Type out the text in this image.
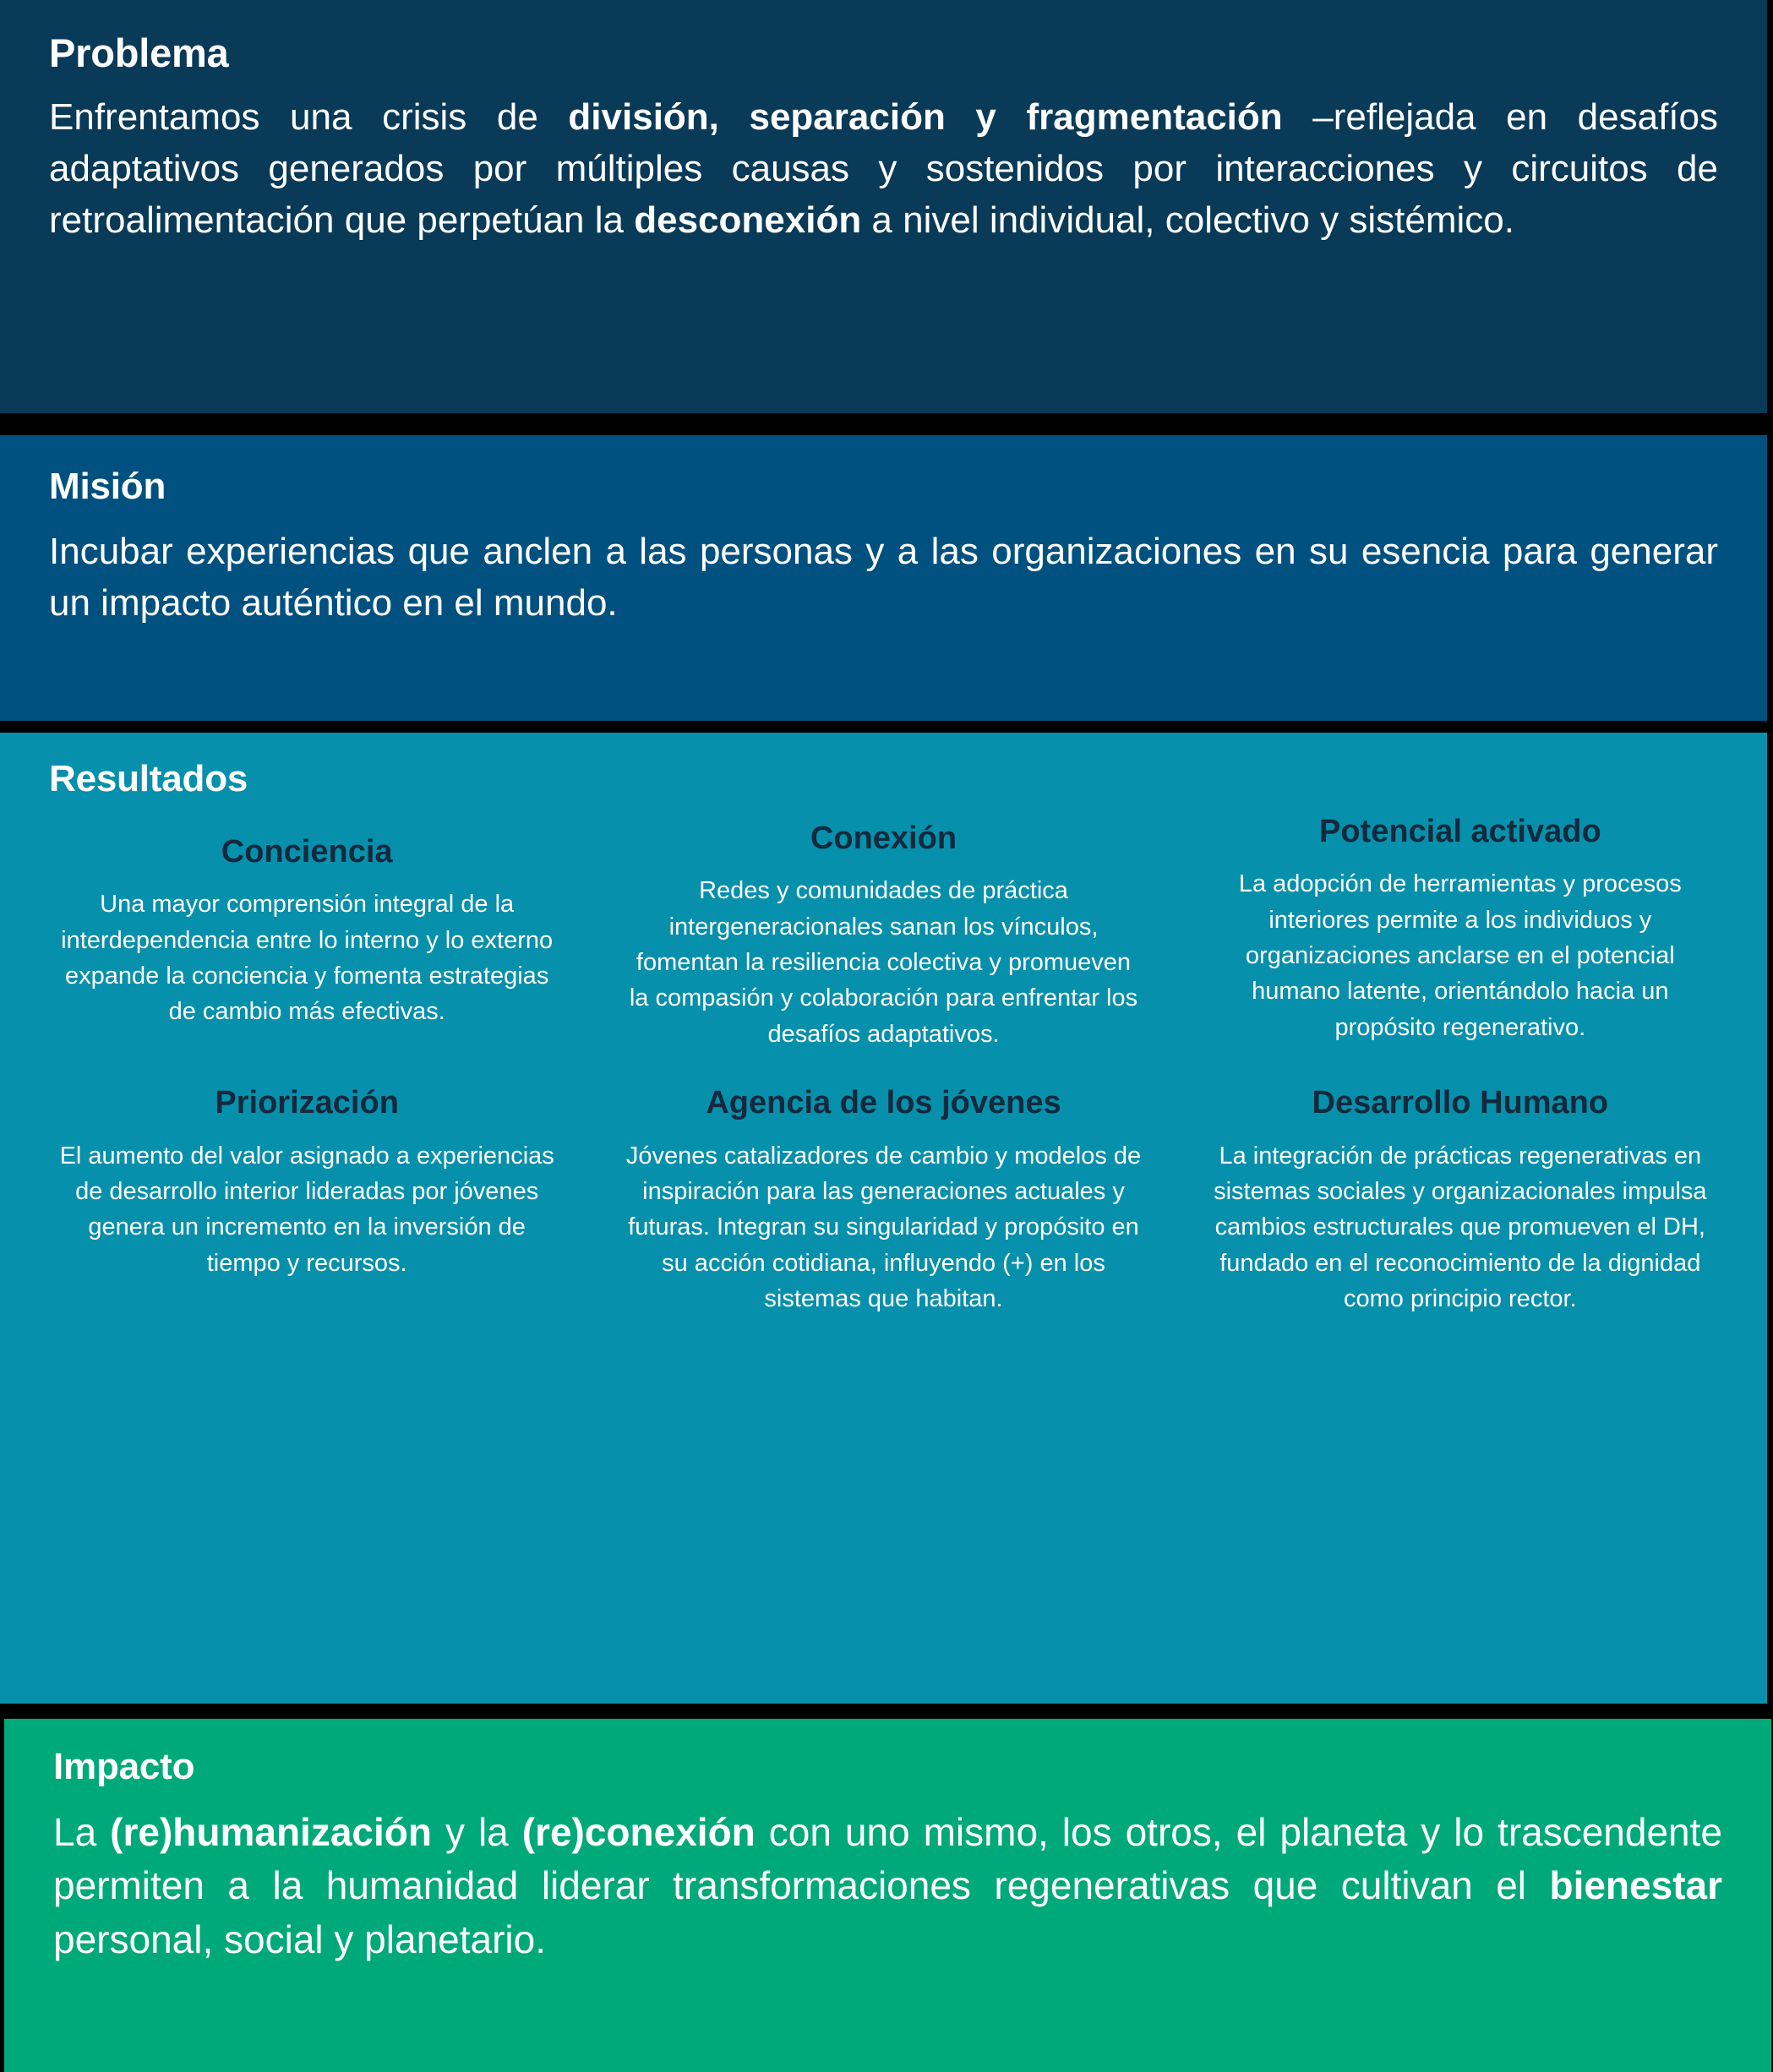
Problema

Enfrentamos una crisis de división, separación y fragmentación –reflejada en desafíos adaptativos generados por múltiples causas y sostenidos por interacciones y circuitos de retroalimentación que perpetúan la desconexión a nivel individual, colectivo y sistémico.

Misión

Incubar experiencias que anclen a las personas y a las organizaciones en su esencia para generar un impacto auténtico en el mundo.

Resultados
Conciencia

Una mayor comprensión integral de la interdependencia entre lo interno y lo externo expande la conciencia y fomenta estrategias de cambio más efectivas.

Conexión

Redes y comunidades de práctica intergeneracionales sanan los vínculos, fomentan la resiliencia colectiva y promueven la compasión y colaboración para enfrentar los desafíos adaptativos.

Potencial activado

La adopción de herramientas y procesos interiores permite a los individuos y organizaciones anclarse en el potencial humano latente, orientándolo hacia un propósito regenerativo.

Priorización

El aumento del valor asignado a experiencias de desarrollo interior lideradas por jóvenes genera un incremento en la inversión de tiempo y recursos.

Agencia de los jóvenes

Jóvenes catalizadores de cambio y modelos de inspiración para las generaciones actuales y futuras. Integran su singularidad y propósito en su acción cotidiana, influyendo (+) en los sistemas que habitan.

Desarrollo Humano

La integración de prácticas regenerativas en sistemas sociales y organizacionales impulsa cambios estructurales que promueven el DH, fundado en el reconocimiento de la dignidad como principio rector.

Impacto

La (re)humanización y la (re)conexión con uno mismo, los otros, el planeta y lo trascendente permiten a la humanidad liderar transformaciones regenerativas que cultivan el bienestar personal, social y planetario.
